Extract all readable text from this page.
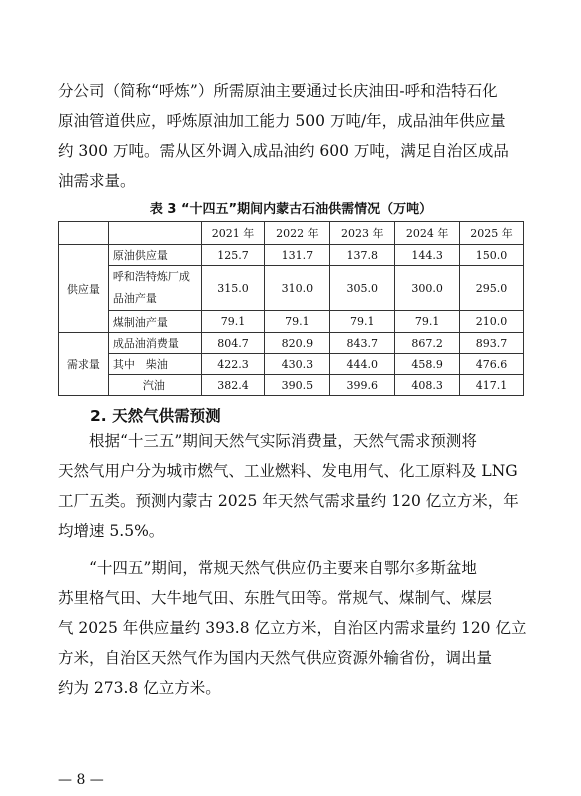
分公司（简称“呼炼”）所需原油主要通过长庆油田-呼和浩特石化
原油管道供应，呼炼原油加工能力 500 万吨/年，成品油年供应量
约 300 万吨。需从区外调入成品油约 600 万吨，满足自治区成品
油需求量。
表 3 “十四五”期间内蒙古石油供需情况（万吨）
		2021 年	2022 年	2023 年	2024 年	2025 年
供应量	原油供应量	125.7	131.7	137.8	144.3	150.0
	呼和浩特炼厂成
品油产量	315.0	310.0	305.0	300.0	295.0
	煤制油产量	79.1	79.1	79.1	79.1	210.0
需求量	成品油消费量	804.7	820.9	843.7	867.2	893.7
	其中　柴油	422.3	430.3	444.0	458.9	476.6
	汽油	382.4	390.5	399.6	408.3	417.1
2. 天然气供需预测
根据“十三五”期间天然气实际消费量，天然气需求预测将
天然气用户分为城市燃气、工业燃料、发电用气、化工原料及 LNG
工厂五类。预测内蒙古 2025 年天然气需求量约 120 亿立方米，年
均增速 5.5%。
“十四五”期间，常规天然气供应仍主要来自鄂尔多斯盆地
苏里格气田、大牛地气田、东胜气田等。常规气、煤制气、煤层
气 2025 年供应量约 393.8 亿立方米，自治区内需求量约 120 亿立
方米，自治区天然气作为国内天然气供应资源外输省份，调出量
约为 273.8 亿立方米。
— 8 —
